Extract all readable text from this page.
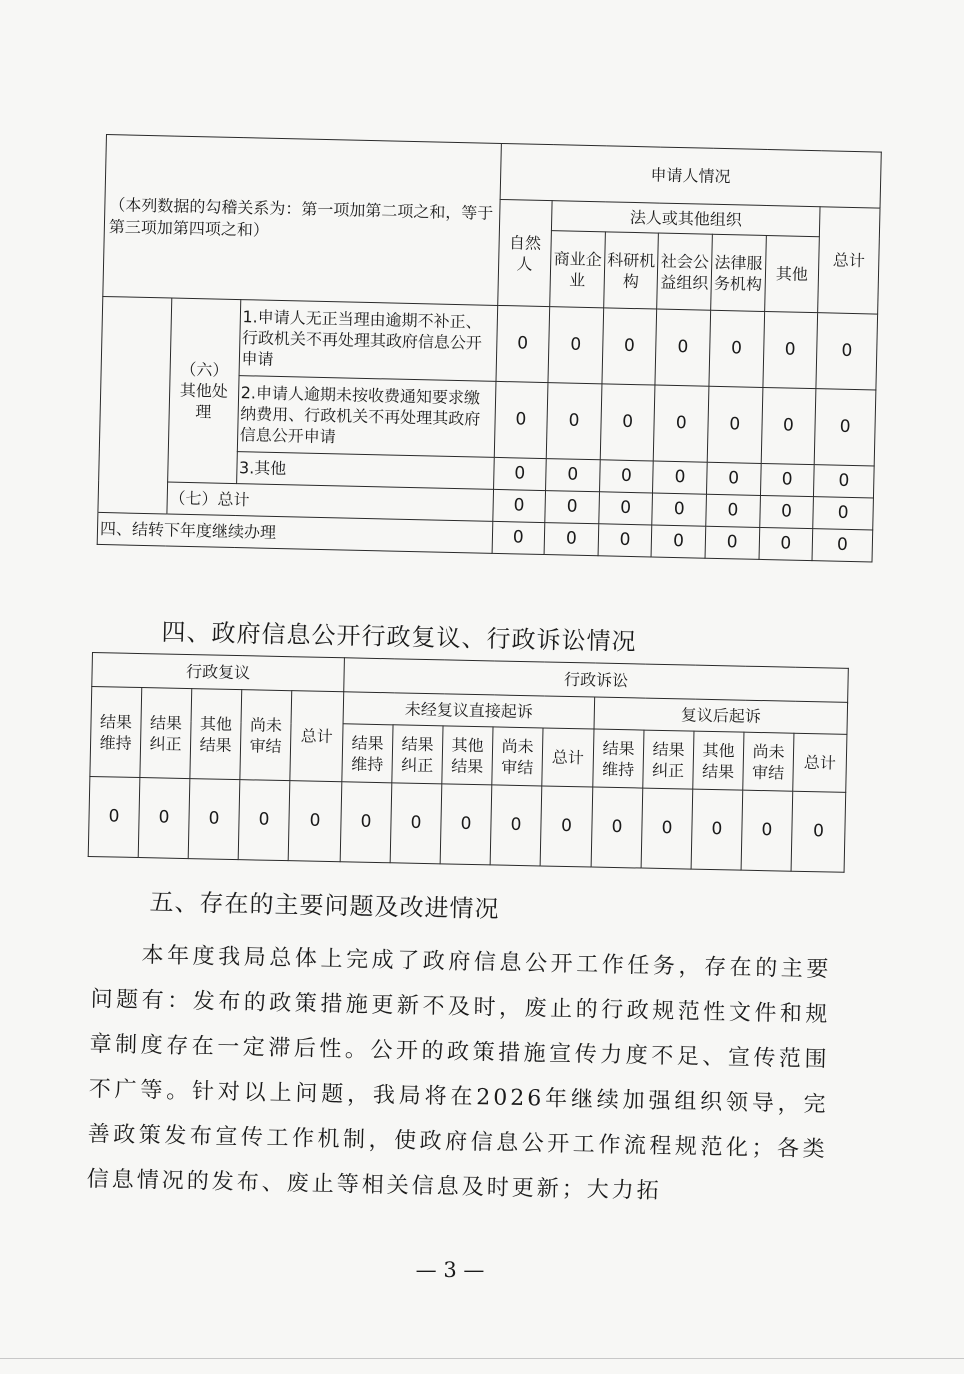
（本列数据的勾稽关系为：第一项加第二项之和，等于第三项加第四项之和）			申请人情况						
			自然人	法人或其他组织					总计
				商业企业	科研机构	社会公益组织	法律服务机构	其他	
	（六）其他处理	1.申请人无正当理由逾期不补正、行政机关不再处理其政府信息公开申请	0	0	0	0	0	0	0
		2.申请人逾期未按收费通知要求缴纳费用、行政机关不再处理其政府信息公开申请	0	0	0	0	0	0	0
		3.其他	0	0	0	0	0	0	0
	（七）总计		0	0	0	0	0	0	0
四、结转下年度继续办理			0	0	0	0	0	0	0
四、政府信息公开行政复议、行政诉讼情况
行政复议					行政诉讼									
结果维持	结果纠正	其他结果	尚未审结	总计										
					未经复议直接起诉					复议后起诉				
					结果维持	结果纠正	其他结果	尚未审结	总计	结果维持	结果纠正	其他结果	尚未审结	总计
0	0	0	0	0	0	0	0	0	0	0	0	0	0	0
五、存在的主要问题及改进情况

本年度我局总体上完成了政府信息公开工作任务，存在的主要问题有：发布的政策措施更新不及时，废止的行政规范性文件和规章制度存在一定滞后性。公开的政策措施宣传力度不足、宣传范围不广等。针对以上问题，我局将在2026年继续加强组织领导，完善政策发布宣传工作机制，使政府信息公开工作流程规范化；各类信息情况的发布、废止等相关信息及时更新；大力拓

— 3 —
